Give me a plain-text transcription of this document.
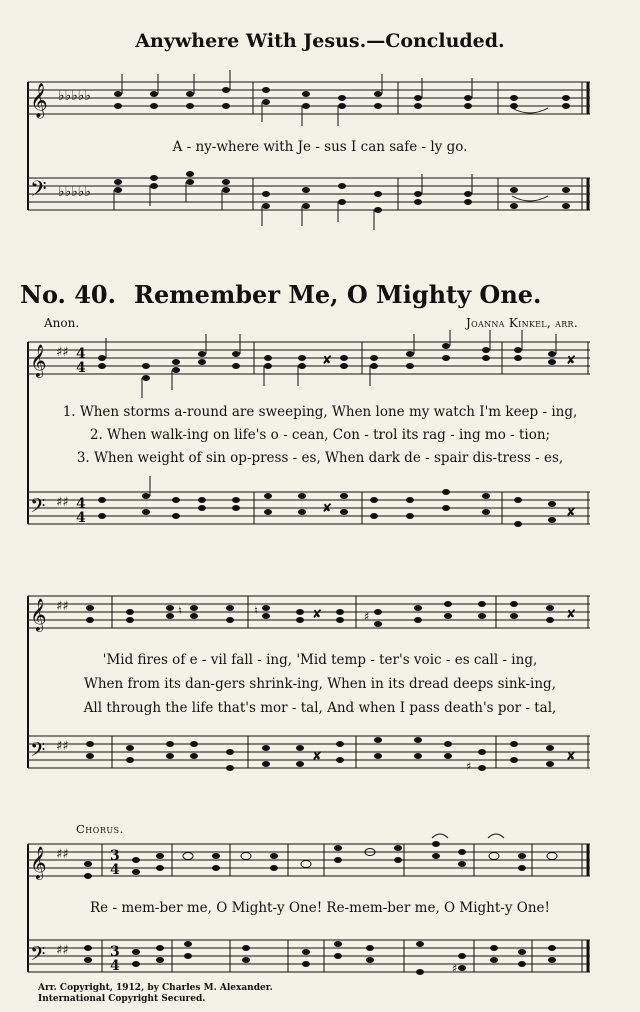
Anywhere With Jesus.—Concluded.
𝄞 ♭♭♭♭♭
𝄢 ♭♭♭♭♭
A - ny-where with Je - sus I can safe - ly go.
No. 40. Remember Me, O Mighty One.
Anon.	Joanna Kinkel, arr.
𝄞 ♯♯ 4
4
𝄢 ♯♯ 4
4
✘	✘
✘	✘
1. When storms a-round are sweeping, When lone my watch I'm keep - ing,
2. When walk-ing on life's o - cean, Con - trol its rag - ing mo - tion;
3. When weight of sin op-press - es, When dark de - spair dis-tress - es,
𝄞 ♯♯
𝄢 ♯♯
♮	♮	✘	♯	✘
✘
♯
✘
'Mid fires of e - vil fall - ing, 'Mid temp - ter's voic - es call - ing,
When from its dan-gers shrink-ing, When in its dread deeps sink-ing,
All through the life that's mor - tal, And when I pass death's por - tal,
Chorus.
𝄞 ♯♯	3
4
𝄢 ♯♯	3
4	♯
Re - mem-ber me, O Might-y One! Re-mem-ber me, O Might-y One!
Arr. Copyright, 1912, by Charles M. Alexander.
International Copyright Secured.
